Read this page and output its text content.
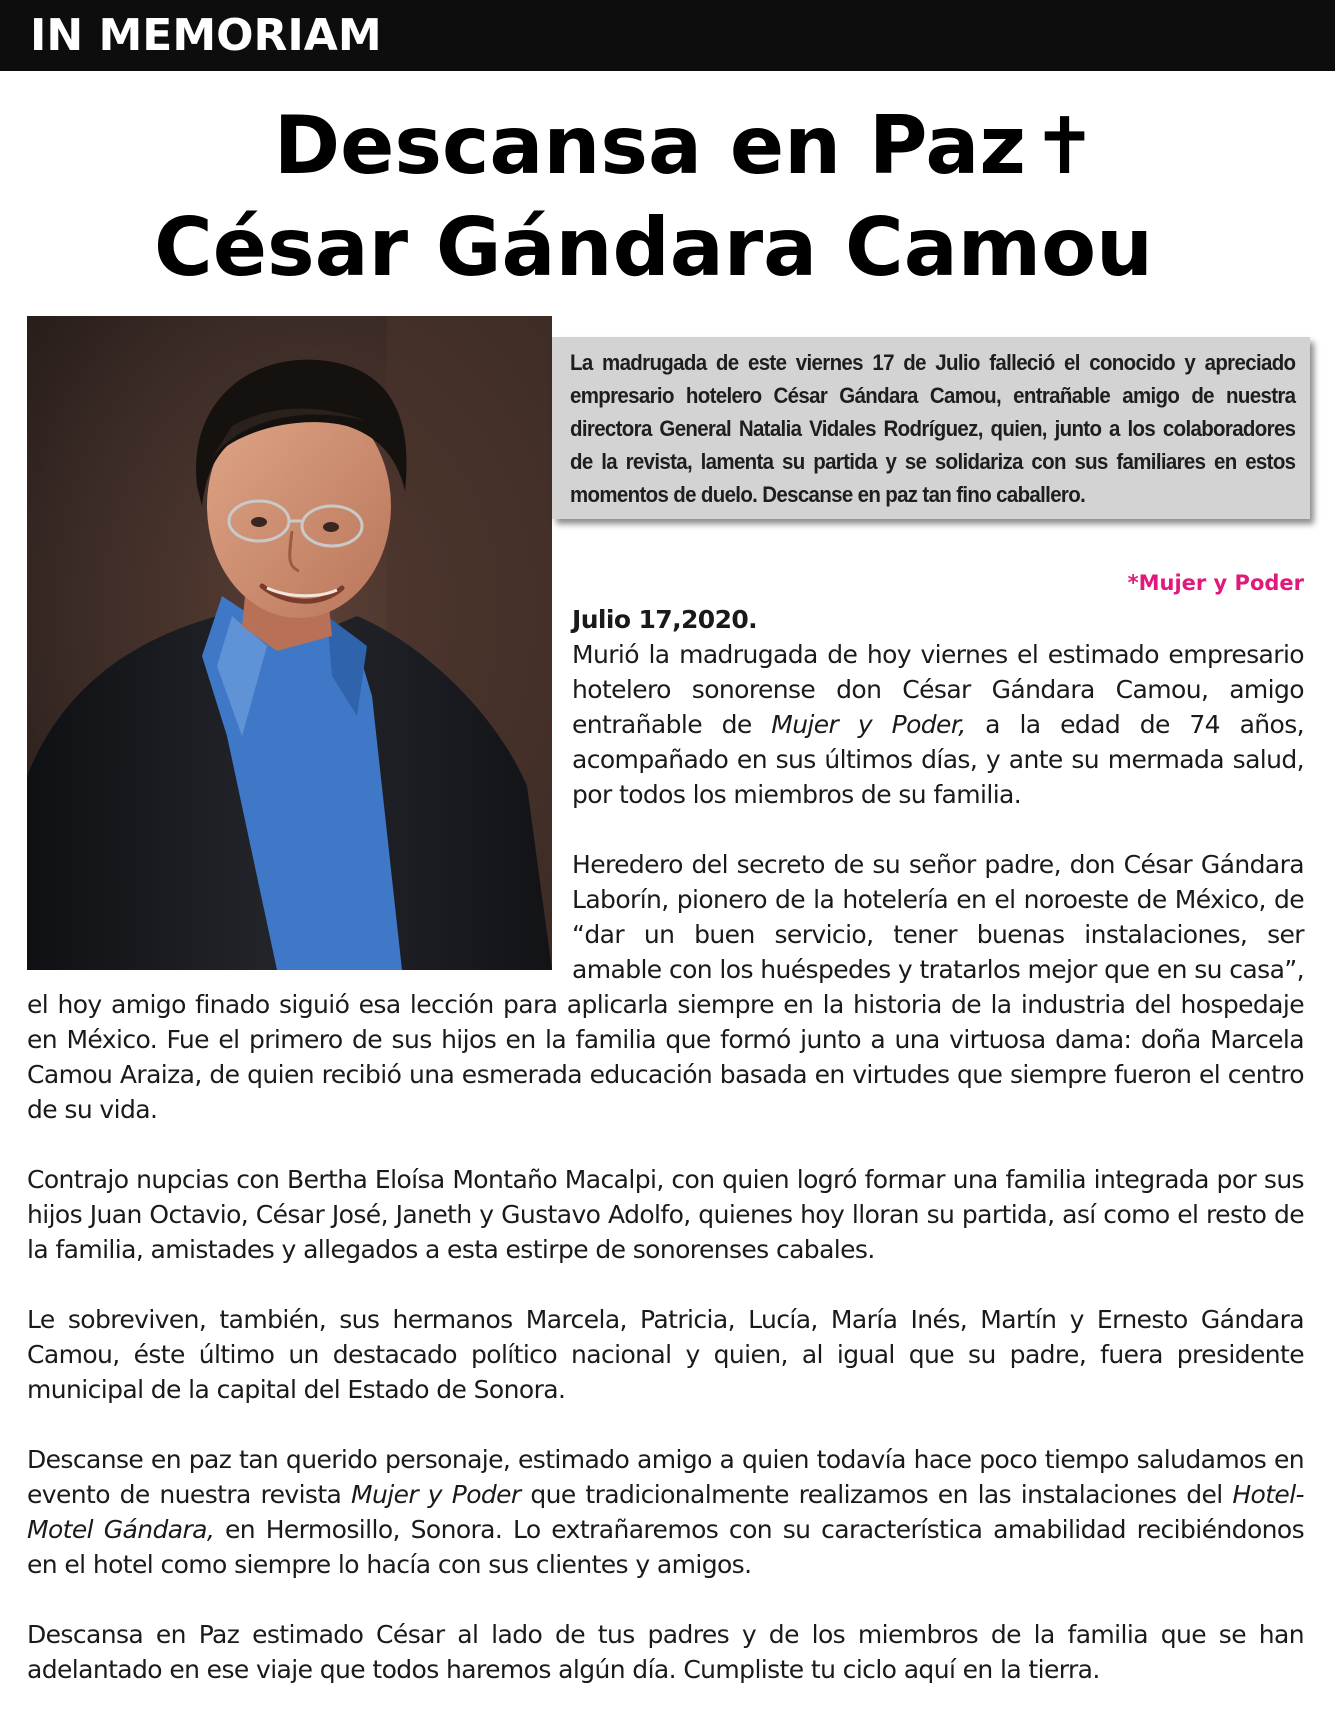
IN MEMORIAM
Descansa en Paz✝
César Gándara Camou
La madrugada de este viernes 17 de Julio falleció el conocido y apreciado empresario hotelero César Gándara Camou, entrañable amigo de nuestra directora General Natalia Vidales Rodríguez, quien, junto a los colaboradores de la revista, lamenta su partida y se solidariza con sus familiares en estos momentos de duelo. Descanse en paz tan fino caballero.
*Mujer y Poder

Julio 17,2020.
Murió la madrugada de hoy viernes el estimado empresario hotelero sonorense don César Gándara Camou, amigo entrañable de Mujer y Poder, a la edad de 74 años, acompañado en sus últimos días, y ante su mermada salud, por todos los miembros de su familia.

Heredero del secreto de su señor padre, don César Gándara Laborín, pionero de la hotelería en el noroeste de México, de “dar un buen servicio, tener buenas instalaciones, ser amable con los huéspedes y tratarlos mejor que en su casa”, el hoy amigo finado siguió esa lección para aplicarla siempre en la historia de la industria del hospedaje en México. Fue el primero de sus hijos en la familia que formó junto a una virtuosa dama: doña Marcela Camou Araiza, de quien recibió una esmerada educación basada en virtudes que siempre fueron el centro de su vida.

Contrajo nupcias con Bertha Eloísa Montaño Macalpi, con quien logró formar una familia integrada por sus hijos Juan Octavio, César José, Janeth y Gustavo Adolfo, quienes hoy lloran su partida, así como el resto de la familia, amistades y allegados a esta estirpe de sonorenses cabales.

Le sobreviven, también, sus hermanos Marcela, Patricia, Lucía, María Inés, Martín y Ernesto Gándara Camou, éste último un destacado político nacional y quien, al igual que su padre, fuera presidente municipal de la capital del Estado de Sonora.

Descanse en paz tan querido personaje, estimado amigo a quien todavía hace poco tiempo saludamos en evento de nuestra revista Mujer y Poder que tradicionalmente realizamos en las instalaciones del Hotel-Motel Gándara, en Hermosillo, Sonora. Lo extrañaremos con su característica amabilidad recibiéndonos en el hotel como siempre lo hacía con sus clientes y amigos.

Descansa en Paz estimado César al lado de tus padres y de los miembros de la familia que se han adelantado en ese viaje que todos haremos algún día. Cumpliste tu ciclo aquí en la tierra.
